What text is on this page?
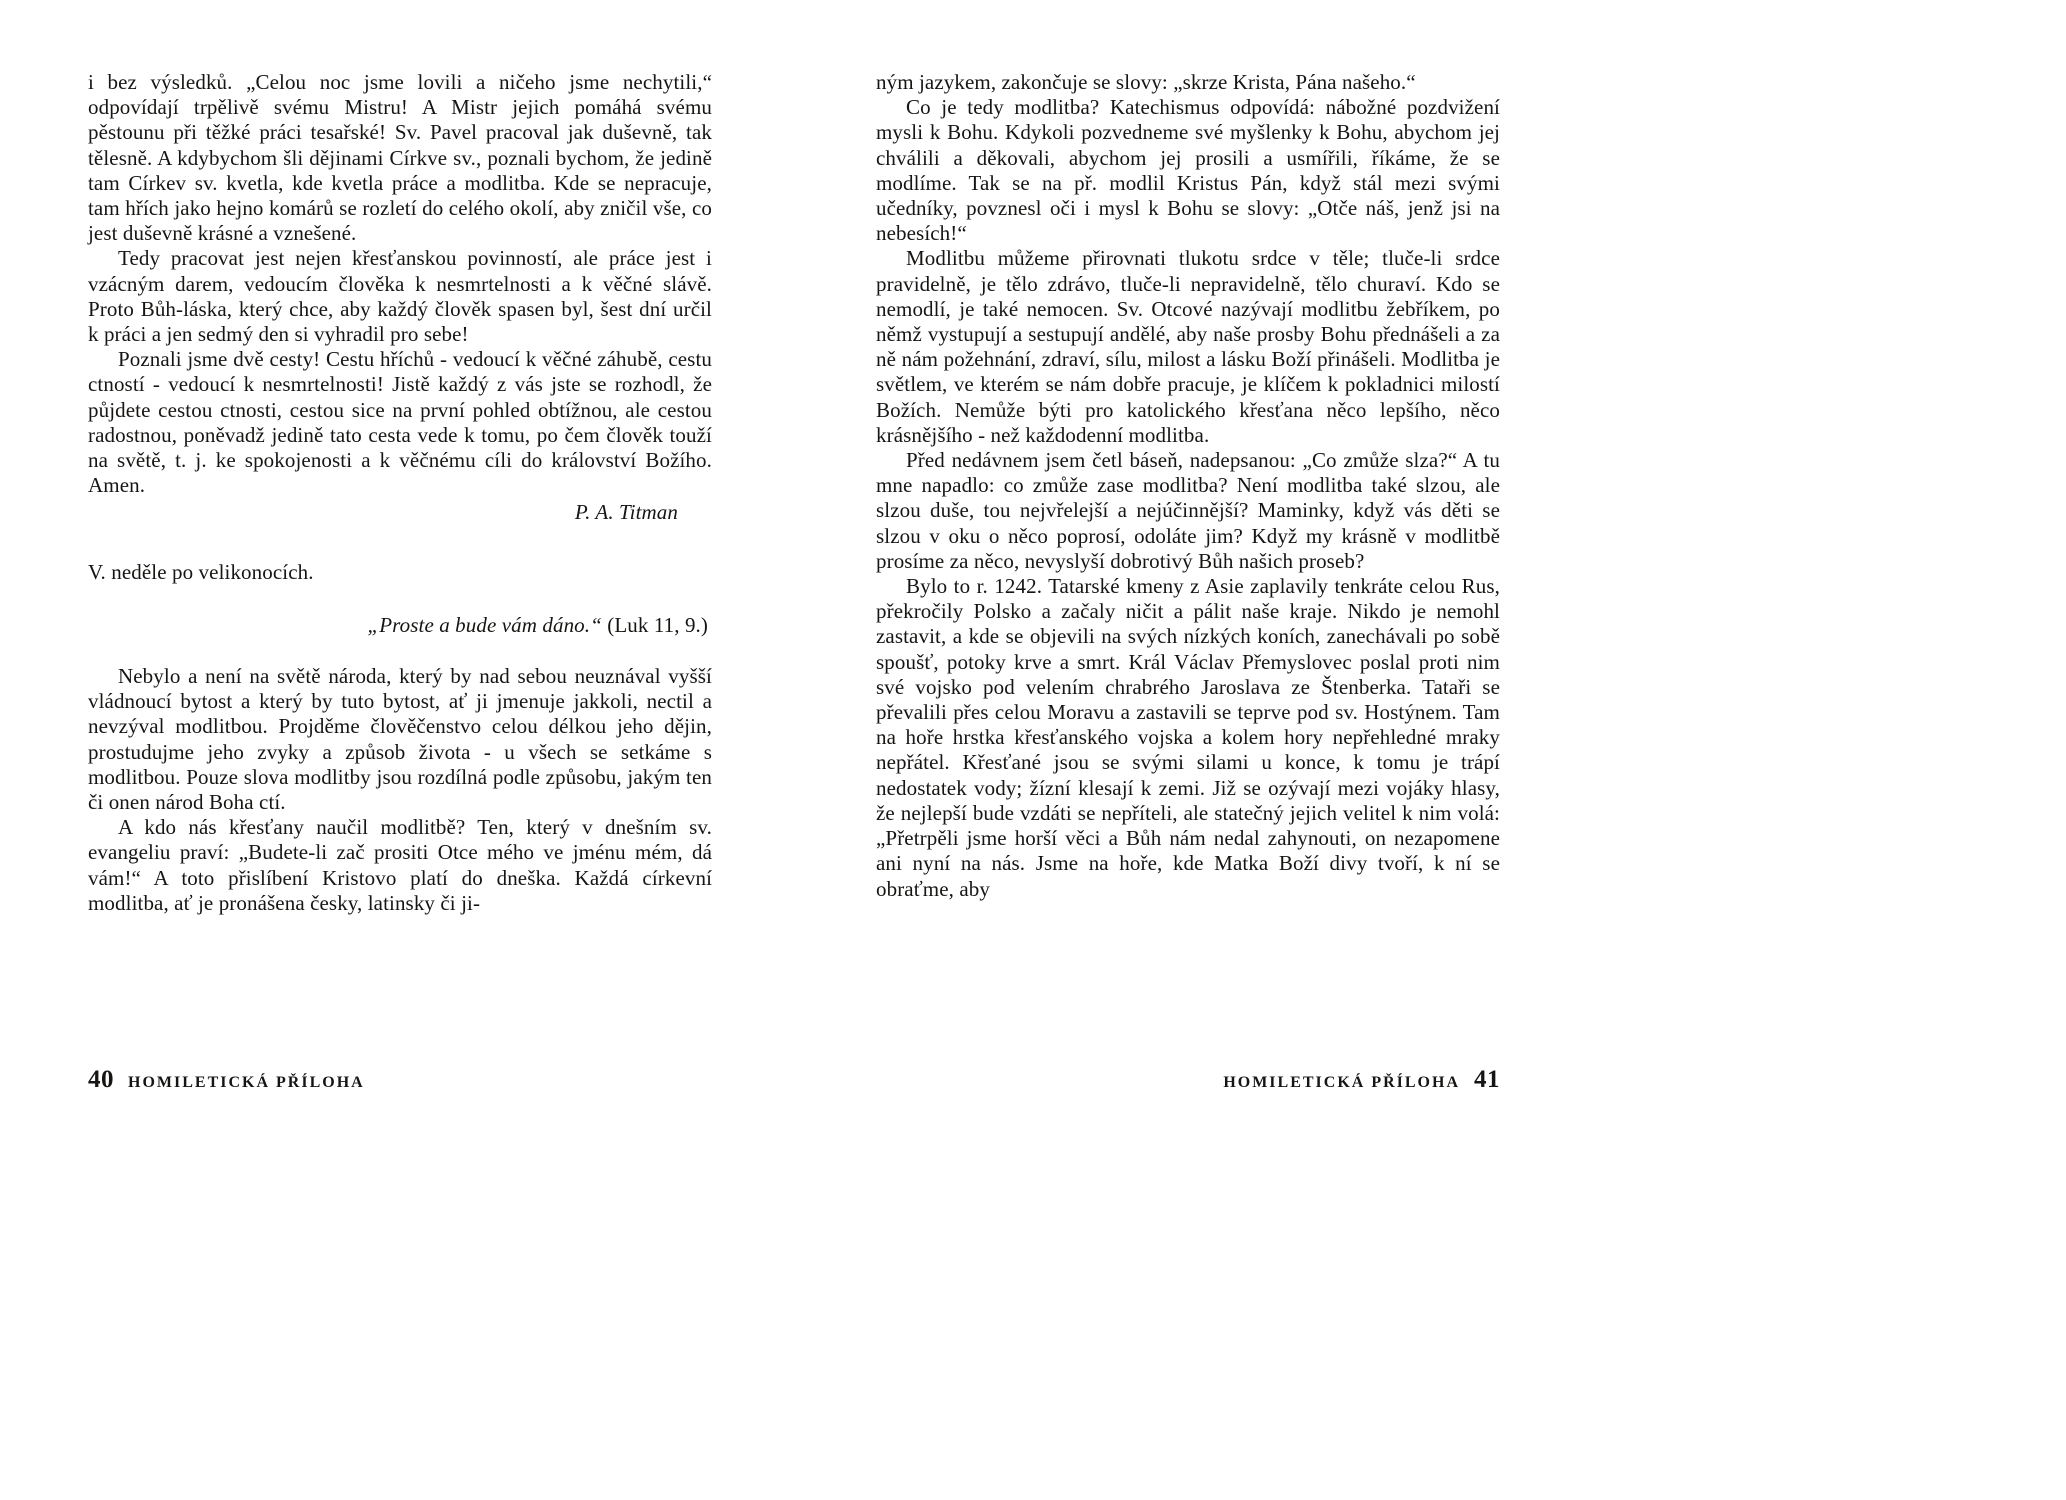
i bez výsledků. „Celou noc jsme lovili a ničeho jsme nechytili,“ odpovídají trpělivě svému Mistru! A Mistr jejich pomáhá svému pěstounu při těžké práci tesařské! Sv. Pavel pracoval jak duševně, tak tělesně. A kdybychom šli dějinami Církve sv., poznali bychom, že jedině tam Církev sv. kvetla, kde kvetla práce a modlitba. Kde se nepracuje, tam hřích jako hejno komárů se rozletí do celého okolí, aby zničil vše, co jest duševně krásné a vznešené.

Tedy pracovat jest nejen křesťanskou povinností, ale práce jest i vzácným darem, vedoucím člověka k nesmrtelnosti a k věčné slávě. Proto Bůh-láska, který chce, aby každý člověk spasen byl, šest dní určil k práci a jen sedmý den si vyhradil pro sebe!

Poznali jsme dvě cesty! Cestu hříchů - vedoucí k věčné záhubě, cestu ctností - vedoucí k nesmrtelnosti! Jistě každý z vás jste se rozhodl, že půjdete cestou ctnosti, cestou sice na první pohled obtížnou, ale cestou radostnou, poněvadž jedině tato cesta vede k tomu, po čem člověk touží na světě, t. j. ke spokojenosti a k věčnému cíli do království Božího. Amen.

P. A. Titman

V. neděle po velikonocích.

„Proste a bude vám dáno.“ (Luk 11, 9.)

Nebylo a není na světě národa, který by nad sebou neuznával vyšší vládnoucí bytost a který by tuto bytost, ať ji jmenuje jakkoli, nectil a nevzýval modlitbou. Projděme člověčenstvo celou délkou jeho dějin, prostudujme jeho zvyky a způsob života - u všech se setkáme s modlitbou. Pouze slova modlitby jsou rozdílná podle způsobu, jakým ten či onen národ Boha ctí.

A kdo nás křesťany naučil modlitbě? Ten, který v dnešním sv. evangeliu praví: „Budete-li zač prositi Otce mého ve jménu mém, dá vám!“ A toto přislíbení Kristovo platí do dneška. Každá církevní modlitba, ať je pronášena česky, latinsky či ji-

ným jazykem, zakončuje se slovy: „skrze Krista, Pána našeho.“

Co je tedy modlitba? Katechismus odpovídá: nábožné pozdvižení mysli k Bohu. Kdykoli pozvedneme své myšlenky k Bohu, abychom jej chválili a děkovali, abychom jej prosili a usmířili, říkáme, že se modlíme. Tak se na př. modlil Kristus Pán, když stál mezi svými učedníky, povznesl oči i mysl k Bohu se slovy: „Otče náš, jenž jsi na nebesích!“

Modlitbu můžeme přirovnati tlukotu srdce v těle; tluče-li srdce pravidelně, je tělo zdrávo, tluče-li nepravidelně, tělo churaví. Kdo se nemodlí, je také nemocen. Sv. Otcové nazývají modlitbu žebříkem, po němž vystupují a sestupují andělé, aby naše prosby Bohu přednášeli a za ně nám požehnání, zdraví, sílu, milost a lásku Boží přinášeli. Modlitba je světlem, ve kterém se nám dobře pracuje, je klíčem k pokladnici milostí Božích. Nemůže býti pro katolického křesťana něco lepšího, něco krásnějšího - než každodenní modlitba.

Před nedávnem jsem četl báseň, nadepsanou: „Co zmůže slza?“ A tu mne napadlo: co zmůže zase modlitba? Není modlitba také slzou, ale slzou duše, tou nejvřelejší a nejúčinnější? Maminky, když vás děti se slzou v oku o něco poprosí, odoláte jim? Když my krásně v modlitbě prosíme za něco, nevyslyší dobrotivý Bůh našich proseb?

Bylo to r. 1242. Tatarské kmeny z Asie zaplavily tenkráte celou Rus, překročily Polsko a začaly ničit a pálit naše kraje. Nikdo je nemohl zastavit, a kde se objevili na svých nízkých koních, zanechávali po sobě spoušť, potoky krve a smrt. Král Václav Přemyslovec poslal proti nim své vojsko pod velením chrabrého Jaroslava ze Štenberka. Tataři se převalili přes celou Moravu a zastavili se teprve pod sv. Hostýnem. Tam na hoře hrstka křesťanského vojska a kolem hory nepřehledné mraky nepřátel. Křesťané jsou se svými silami u konce, k tomu je trápí nedostatek vody; žízní klesají k zemi. Již se ozývají mezi vojáky hlasy, že nejlepší bude vzdáti se nepříteli, ale statečný jejich velitel k nim volá: „Přetrpěli jsme horší věci a Bůh nám nedal zahynouti, on nezapomene ani nyní na nás. Jsme na hoře, kde Matka Boží divy tvoří, k ní se obraťme, aby

40 HOMILETICKÁ PŘÍLOHA	HOMILETICKÁ PŘÍLOHA 41
